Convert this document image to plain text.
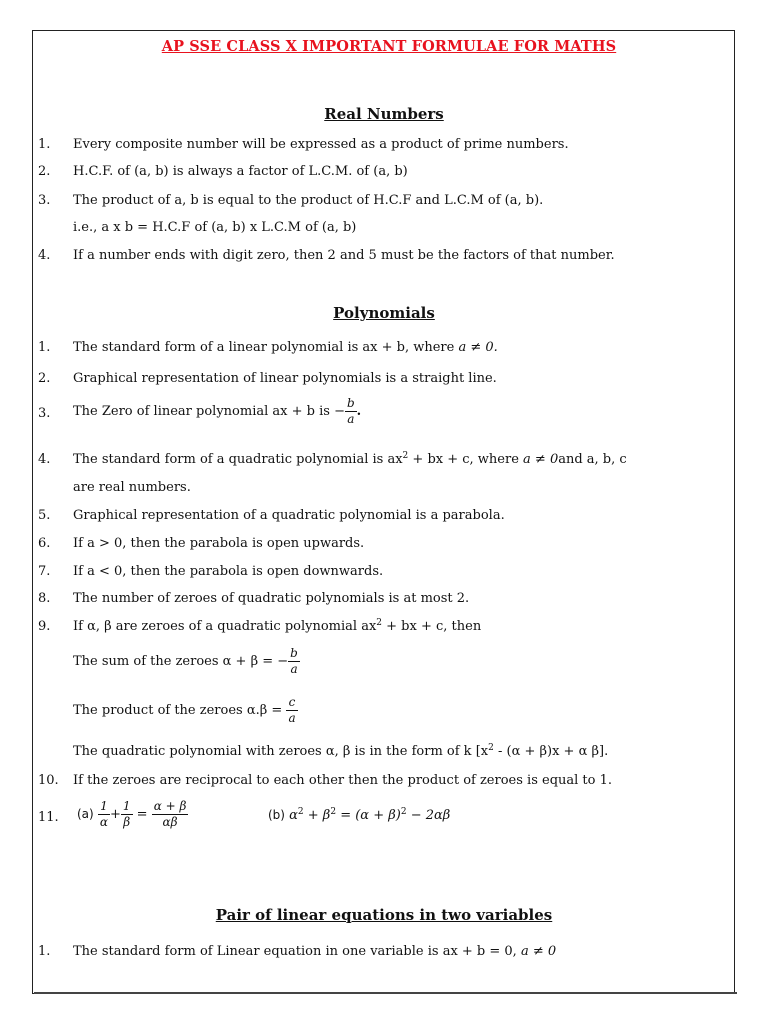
AP SSE CLASS X IMPORTANT FORMULAE FOR MATHS
Real Numbers
1. Every composite number will be expressed as a product of prime numbers.
2. H.C.F. of (a, b) is always a factor of L.C.M. of (a, b)
3. The product of a, b is equal to the product of H.C.F and L.C.M of (a, b).
i.e., a x b = H.C.F of (a, b) x L.C.M of (a, b)
4. If a number ends with digit zero, then 2 and 5 must be the factors of that number.
Polynomials
1. The standard form of a linear polynomial is ax + b, where a ≠ 0.
2. Graphical representation of linear polynomials is a straight line.
3. The Zero of linear polynomial ax + b is − $\frac{b}{a}$ .
4. The standard form of a quadratic polynomial is $ax^2$ + bx + c, where a ≠ 0and a, b, c
are real numbers.
5. Graphical representation of a quadratic polynomial is a parabola.
6. If a > 0, then the parabola is open upwards.
7. If a < 0, then the parabola is open downwards.
8. The number of zeroes of quadratic polynomials is at most 2.
9. If α, β are zeroes of a quadratic polynomial $ax^2$ + bx + c, then
The sum of the zeroes α + β = − $\frac{b}{a}$
The product of the zeroes $\alpha.\beta = \frac{c}{a}$
The quadratic polynomial with zeroes α, β is in the form of k [$x^2 - (\alpha + \beta)x + \alpha$ β].
10. If the zeroes are reciprocal to each other then the product of zeroes is equal to 1.
11. $(a) \frac{1}{\alpha} + \frac{1}{\beta} = \frac{\alpha + \beta}{\alpha\beta}$	(b) $\alpha^2 + \beta^2 = (\alpha + \beta)^2 - 2\alpha\beta$
Pair of linear equations in two variables
1. The standard form of Linear equation in one variable is ax + b = 0, a ≠ 0
